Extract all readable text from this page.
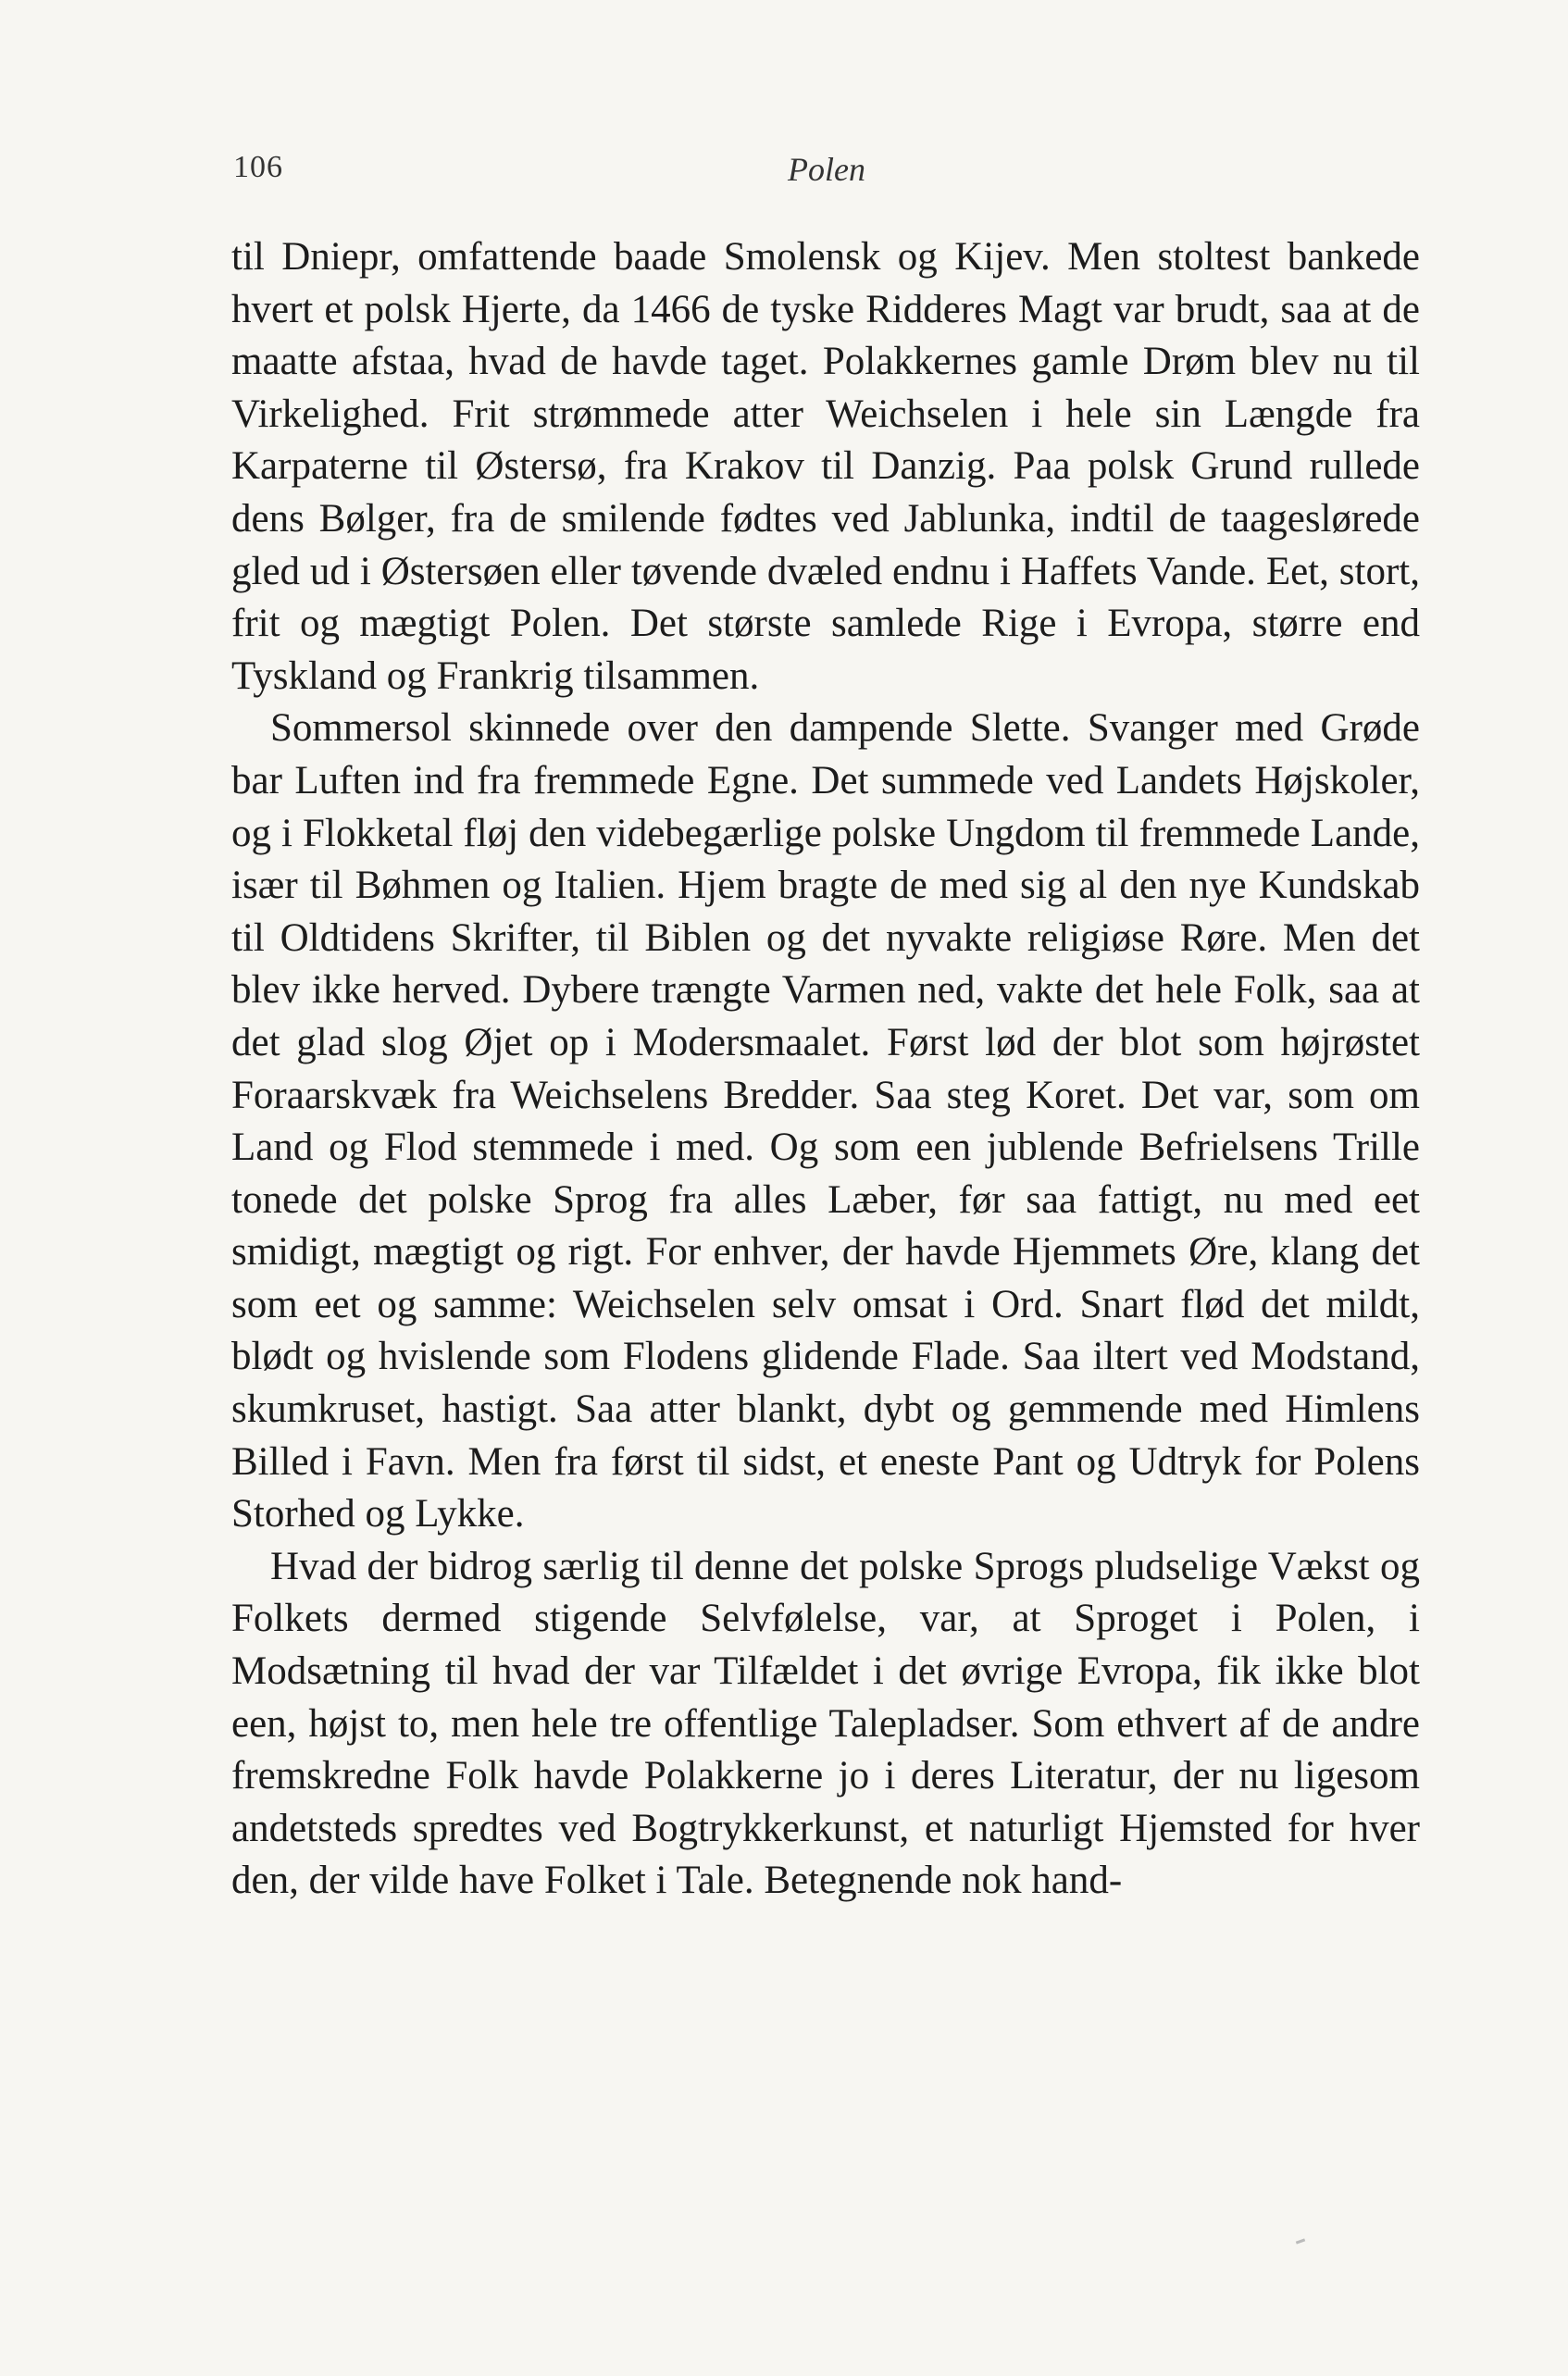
106	Polen

til Dniepr, omfattende baade Smolensk og Kijev. Men stoltest bankede hvert et polsk Hjerte, da 1466 de tyske Ridderes Magt var brudt, saa at de maatte afstaa, hvad de havde taget. Polakkernes gamle Drøm blev nu til Virkelighed. Frit strømmede atter Weichselen i hele sin Længde fra Karpaterne til Østersø, fra Krakov til Danzig. Paa polsk Grund rullede dens Bølger, fra de smilende fødtes ved Jablunka, indtil de taageslørede gled ud i Østersøen eller tøvende dvæled endnu i Haffets Vande. Eet, stort, frit og mægtigt Polen. Det største samlede Rige i Evropa, større end Tyskland og Frankrig tilsammen.

Sommersol skinnede over den dampende Slette. Svanger med Grøde bar Luften ind fra fremmede Egne. Det summede ved Landets Højskoler, og i Flokketal fløj den videbegærlige polske Ungdom til fremmede Lande, især til Bøhmen og Italien. Hjem bragte de med sig al den nye Kundskab til Oldtidens Skrifter, til Biblen og det nyvakte religiøse Røre. Men det blev ikke herved. Dybere trængte Varmen ned, vakte det hele Folk, saa at det glad slog Øjet op i Modersmaalet. Først lød der blot som højrøstet Foraarskvæk fra Weichselens Bredder. Saa steg Koret. Det var, som om Land og Flod stemmede i med. Og som een jublende Befrielsens Trille tonede det polske Sprog fra alles Læber, før saa fattigt, nu med eet smidigt, mægtigt og rigt. For enhver, der havde Hjemmets Øre, klang det som eet og samme: Weichselen selv omsat i Ord. Snart flød det mildt, blødt og hvislende som Flodens glidende Flade. Saa iltert ved Modstand, skumkruset, hastigt. Saa atter blankt, dybt og gemmende med Himlens Billed i Favn. Men fra først til sidst, et eneste Pant og Udtryk for Polens Storhed og Lykke.

Hvad der bidrog særlig til denne det polske Sprogs pludselige Vækst og Folkets dermed stigende Selvfølelse, var, at Sproget i Polen, i Modsætning til hvad der var Tilfældet i det øvrige Evropa, fik ikke blot een, højst to, men hele tre offentlige Talepladser. Som ethvert af de andre fremskredne Folk havde Polakkerne jo i deres Literatur, der nu ligesom andetsteds spredtes ved Bogtrykkerkunst, et naturligt Hjemsted for hver den, der vilde have Folket i Tale. Betegnende nok hand-
